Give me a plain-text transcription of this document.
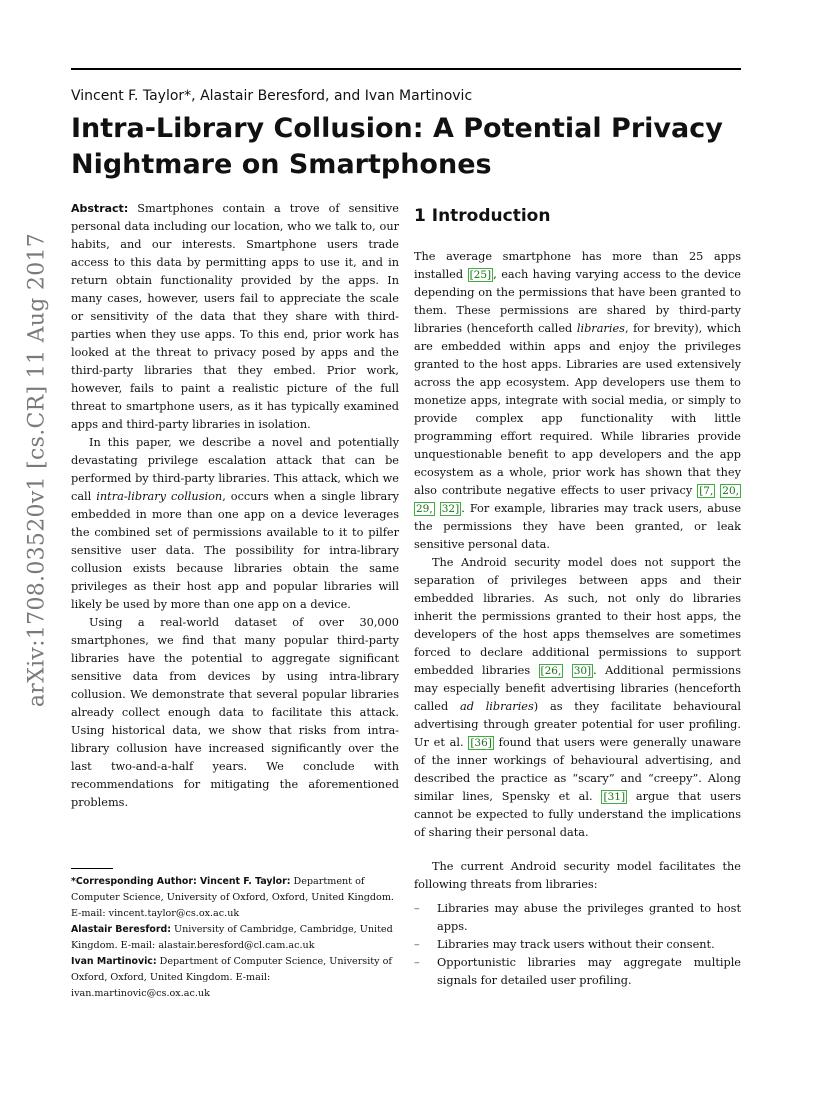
Vincent F. Taylor*, Alastair Beresford, and Ivan Martinovic
Intra-Library Collusion: A Potential Privacy Nightmare on Smartphones
arXiv:1708.03520v1 [cs.CR] 11 Aug 2017

Abstract: Smartphones contain a trove of sensitive personal data including our location, who we talk to, our habits, and our interests. Smartphone users trade access to this data by permitting apps to use it, and in return obtain functionality provided by the apps. In many cases, however, users fail to appreciate the scale or sensitivity of the data that they share with third-parties when they use apps. To this end, prior work has looked at the threat to privacy posed by apps and the third-party libraries that they embed. Prior work, however, fails to paint a realistic picture of the full threat to smartphone users, as it has typically examined apps and third-party libraries in isolation.

In this paper, we describe a novel and potentially devastating privilege escalation attack that can be performed by third-party libraries. This attack, which we call intra-library collusion, occurs when a single library embedded in more than one app on a device leverages the combined set of permissions available to it to pilfer sensitive user data. The possibility for intra-library collusion exists because libraries obtain the same privileges as their host app and popular libraries will likely be used by more than one app on a device.

Using a real-world dataset of over 30,000 smartphones, we find that many popular third-party libraries have the potential to aggregate significant sensitive data from devices by using intra-library collusion. We demonstrate that several popular libraries already collect enough data to facilitate this attack. Using historical data, we show that risks from intra-library collusion have increased significantly over the last two-and-a-half years. We conclude with recommendations for mitigating the aforementioned problems.

*Corresponding Author: Vincent F. Taylor: Department of Computer Science, University of Oxford, Oxford, United Kingdom. E-mail: vincent.taylor@cs.ox.ac.uk
Alastair Beresford: University of Cambridge, Cambridge, United Kingdom. E-mail: alastair.beresford@cl.cam.ac.uk
Ivan Martinovic: Department of Computer Science, University of Oxford, Oxford, United Kingdom. E-mail: ivan.martinovic@cs.ox.ac.uk
1 Introduction

The average smartphone has more than 25 apps installed [25] , each having varying access to the device depending on the permissions that have been granted to them. These permissions are shared by third-party libraries (henceforth called libraries, for brevity), which are embedded within apps and enjoy the privileges granted to the host apps. Libraries are used extensively across the app ecosystem. App developers use them to monetize apps, integrate with social media, or simply to provide complex app functionality with little programming effort required. While libraries provide unquestionable benefit to app developers and the app ecosystem as a whole, prior work has shown that they also contribute negative effects to user privacy [7, 20, 29, 32] . For example, libraries may track users, abuse the permissions they have been granted, or leak sensitive personal data.

The Android security model does not support the separation of privileges between apps and their embedded libraries. As such, not only do libraries inherit the permissions granted to their host apps, the developers of the host apps themselves are sometimes forced to declare additional permissions to support embedded libraries [26, 30] . Additional permissions may especially benefit advertising libraries (henceforth called ad libraries) as they facilitate behavioural advertising through greater potential for user profiling. Ur et al. [36] found that users were generally unaware of the inner workings of behavioural advertising, and described the practice as “scary” and “creepy”. Along similar lines, Spensky et al. [31] argue that users cannot be expected to fully understand the implications of sharing their personal data.

The current Android security model facilitates the following threats from libraries:

– Libraries may abuse the privileges granted to host apps.
– Libraries may track users without their consent.
– Opportunistic libraries may aggregate multiple signals for detailed user profiling.
